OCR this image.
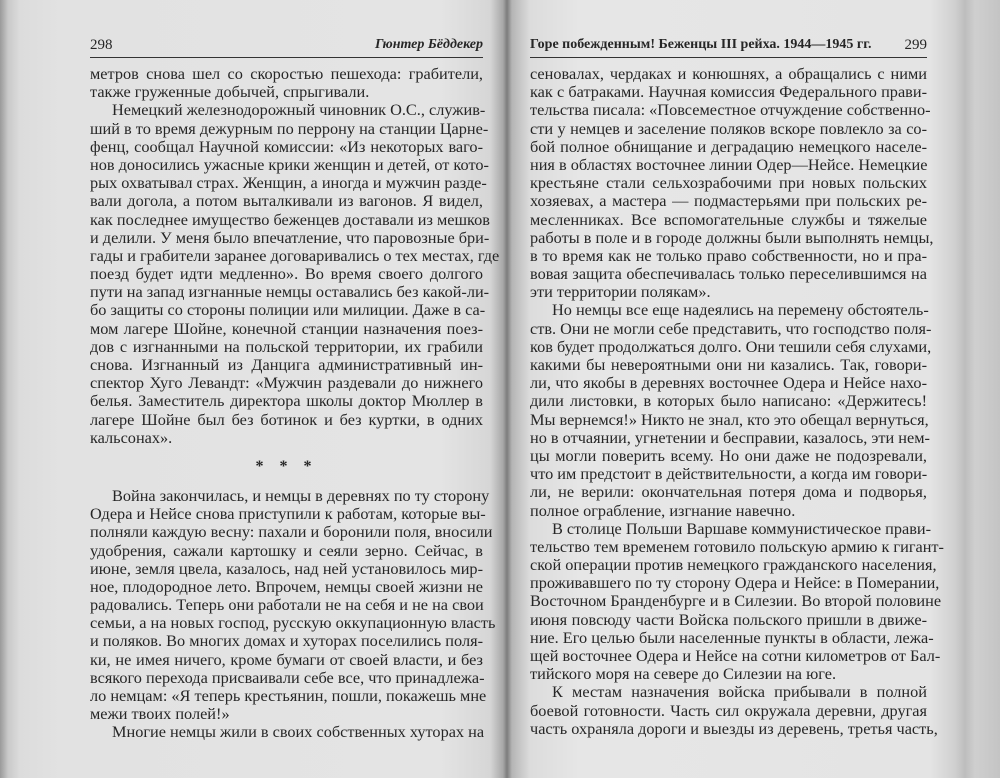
298	Гюнтер Бёддекер
метров снова шел со скоростью пешехода: грабители,
также груженные добычей, спрыгивали.
Немецкий железнодорожный чиновник О.С., служив-
ший в то время дежурным по перрону на станции Царне-
фенц, сообщал Научной комиссии: «Из некоторых ваго-
нов доносились ужасные крики женщин и детей, от кото-
рых охватывал страх. Женщин, а иногда и мужчин разде-
вали догола, а потом выталкивали из вагонов. Я видел,
как последнее имущество беженцев доставали из мешков
и делили. У меня было впечатление, что паровозные бри-
гады и грабители заранее договаривались о тех местах, где
поезд будет идти медленно». Во время своего долгого
пути на запад изгнанные немцы оставались без какой-ли-
бо защиты со стороны полиции или милиции. Даже в са-
мом лагере Шойне, конечной станции назначения поез-
дов с изгнанными на польской территории, их грабили
снова. Изгнанный из Данцига административный ин-
спектор Хуго Левандт: «Мужчин раздевали до нижнего
белья. Заместитель директора школы доктор Мюллер в
лагере Шойне был без ботинок и без куртки, в одних
кальсонах».
* * *
Война закончилась, и немцы в деревнях по ту сторону
Одера и Нейсе снова приступили к работам, которые вы-
полняли каждую весну: пахали и боронили поля, вносили
удобрения, сажали картошку и сеяли зерно. Сейчас, в
июне, земля цвела, казалось, над ней установилось мир-
ное, плодородное лето. Впрочем, немцы своей жизни не
радовались. Теперь они работали не на себя и не на свои
семьи, а на новых господ, русскую оккупационную власть
и поляков. Во многих домах и хуторах поселились поля-
ки, не имея ничего, кроме бумаги от своей власти, и без
всякого перехода присваивали себе все, что принадлежа-
ло немцам: «Я теперь крестьянин, пошли, покажешь мне
межи твоих полей!»
Многие немцы жили в своих собственных хуторах на
Горе побежденным! Беженцы III рейха. 1944—1945 гг. 299
сеновалах, чердаках и конюшнях, а обращались с ними
как с батраками. Научная комиссия Федерального прави-
тельства писала: «Повсеместное отчуждение собственно-
сти у немцев и заселение поляков вскоре повлекло за со-
бой полное обнищание и деградацию немецкого населе-
ния в областях восточнее линии Одер—Нейсе. Немецкие
крестьяне стали сельхозрабочими при новых польских
хозяевах, а мастера — подмастерьями при польских ре-
месленниках. Все вспомогательные службы и тяжелые
работы в поле и в городе должны были выполнять немцы,
в то время как не только право собственности, но и пра-
вовая защита обеспечивалась только переселившимся на
эти территории полякам».
Но немцы все еще надеялись на перемену обстоятель-
ств. Они не могли себе представить, что господство поля-
ков будет продолжаться долго. Они тешили себя слухами,
какими бы невероятными они ни казались. Так, говори-
ли, что якобы в деревнях восточнее Одера и Нейсе нахо-
дили листовки, в которых было написано: «Держитесь!
Мы вернемся!» Никто не знал, кто это обещал вернуться,
но в отчаянии, угнетении и бесправии, казалось, эти нем-
цы могли поверить всему. Но они даже не подозревали,
что им предстоит в действительности, а когда им говори-
ли, не верили: окончательная потеря дома и подворья,
полное ограбление, изгнание навечно.
В столице Польши Варшаве коммунистическое прави-
тельство тем временем готовило польскую армию к гигант-
ской операции против немецкого гражданского населения,
проживавшего по ту сторону Одера и Нейсе: в Померании,
Восточном Бранденбурге и в Силезии. Во второй половине
июня повсюду части Войска польского пришли в движе-
ние. Его целью были населенные пункты в области, лежа-
щей восточнее Одера и Нейсе на сотни километров от Бал-
тийского моря на севере до Силезии на юге.
К местам назначения войска прибывали в полной
боевой готовности. Часть сил окружала деревни, другая
часть охраняла дороги и выезды из деревень, третья часть,
